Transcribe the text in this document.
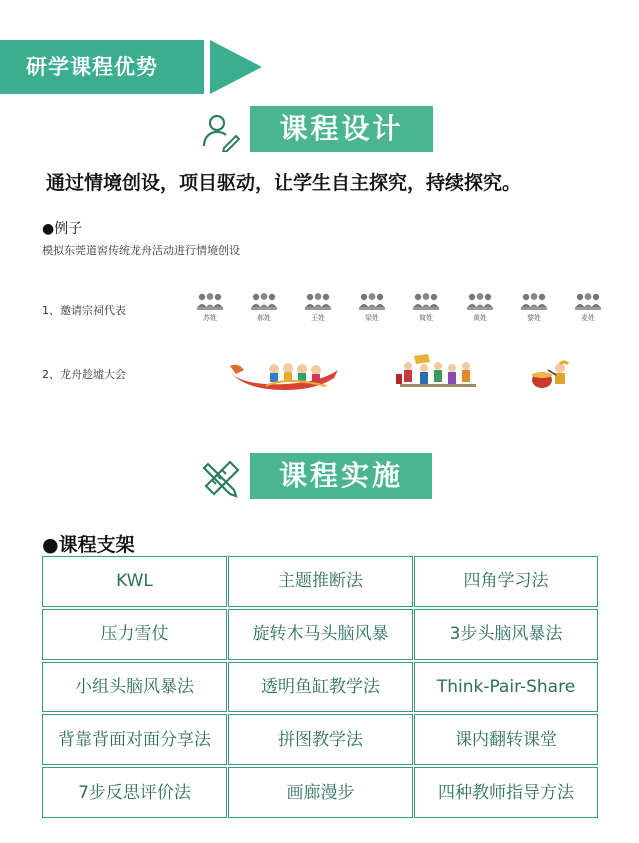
研学课程优势
课程设计
通过情境创设，项目驱动，让学生自主探究，持续探究。
●例子
模拟东莞道窖传统龙舟活动进行情境创设
1、邀请宗祠代表
苏姓	郝姓	王姓	梁姓	简姓	黄姓	黎姓	麦姓
2、龙舟趁墟大会
课程实施
●课程支架
KWL	主题推断法	四角学习法
压力雪仗	旋转木马头脑风暴	3步头脑风暴法
小组头脑风暴法	透明鱼缸教学法	Think-Pair-Share
背靠背面对面分享法	拼图教学法	课内翻转课堂
7步反思评价法	画廊漫步	四种教师指导方法
